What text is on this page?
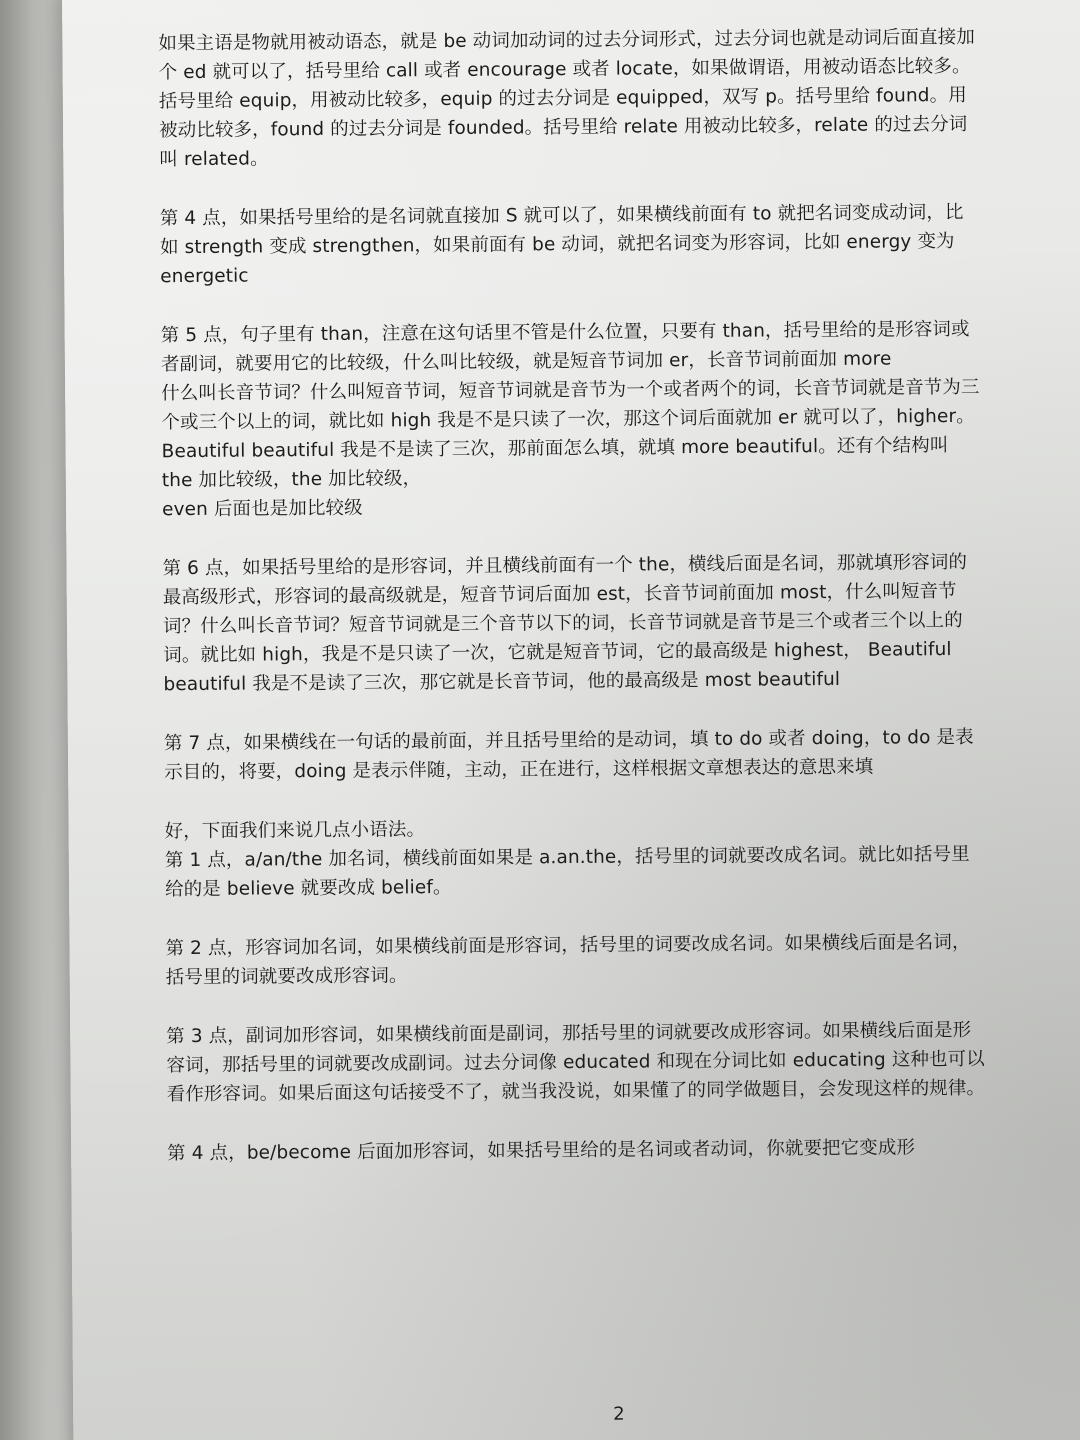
如果主语是物就用被动语态，就是 be 动词加动词的过去分词形式，过去分词也就是动词后面直接加个 ed 就可以了，括号里给 call 或者 encourage 或者 locate，如果做谓语，用被动语态比较多。

括号里给 equip，用被动比较多，equip 的过去分词是 equipped，双写 p。括号里给 found。用被动比较多，found 的过去分词是 founded。括号里给 relate 用被动比较多，relate 的过去分词叫 related。

第 4 点，如果括号里给的是名词就直接加 S 就可以了，如果横线前面有 to 就把名词变成动词，比如 strength 变成 strengthen，如果前面有 be 动词，就把名词变为形容词，比如 energy 变为 energetic

第 5 点，句子里有 than，注意在这句话里不管是什么位置，只要有 than，括号里给的是形容词或者副词，就要用它的比较级，什么叫比较级，就是短音节词加 er，长音节词前面加 more

什么叫长音节词？什么叫短音节词，短音节词就是音节为一个或者两个的词，长音节词就是音节为三个或三个以上的词，就比如 high 我是不是只读了一次，那这个词后面就加 er 就可以了，higher。 Beautiful beautiful 我是不是读了三次，那前面怎么填，就填 more beautiful。还有个结构叫 the 加比较级，the 加比较级，

even 后面也是加比较级

第 6 点，如果括号里给的是形容词，并且横线前面有一个 the，横线后面是名词，那就填形容词的最高级形式，形容词的最高级就是，短音节词后面加 est，长音节词前面加 most，什么叫短音节词？什么叫长音节词？短音节词就是三个音节以下的词，长音节词就是音节是三个或者三个以上的词。就比如 high，我是不是只读了一次，它就是短音节词，它的最高级是 highest， Beautiful beautiful 我是不是读了三次，那它就是长音节词，他的最高级是 most beautiful

第 7 点，如果横线在一句话的最前面，并且括号里给的是动词，填 to do 或者 doing，to do 是表示目的，将要，doing 是表示伴随，主动，正在进行，这样根据文章想表达的意思来填

好，下面我们来说几点小语法。

第 1 点，a/an/the 加名词，横线前面如果是 a.an.the，括号里的词就要改成名词。就比如括号里给的是 believe 就要改成 belief。

第 2 点，形容词加名词，如果横线前面是形容词，括号里的词要改成名词。如果横线后面是名词，括号里的词就要改成形容词。

第 3 点，副词加形容词，如果横线前面是副词，那括号里的词就要改成形容词。如果横线后面是形容词，那括号里的词就要改成副词。过去分词像 educated 和现在分词比如 educating 这种也可以看作形容词。如果后面这句话接受不了，就当我没说，如果懂了的同学做题目，会发现这样的规律。

第 4 点，be/become 后面加形容词，如果括号里给的是名词或者动词，你就要把它变成形

2
